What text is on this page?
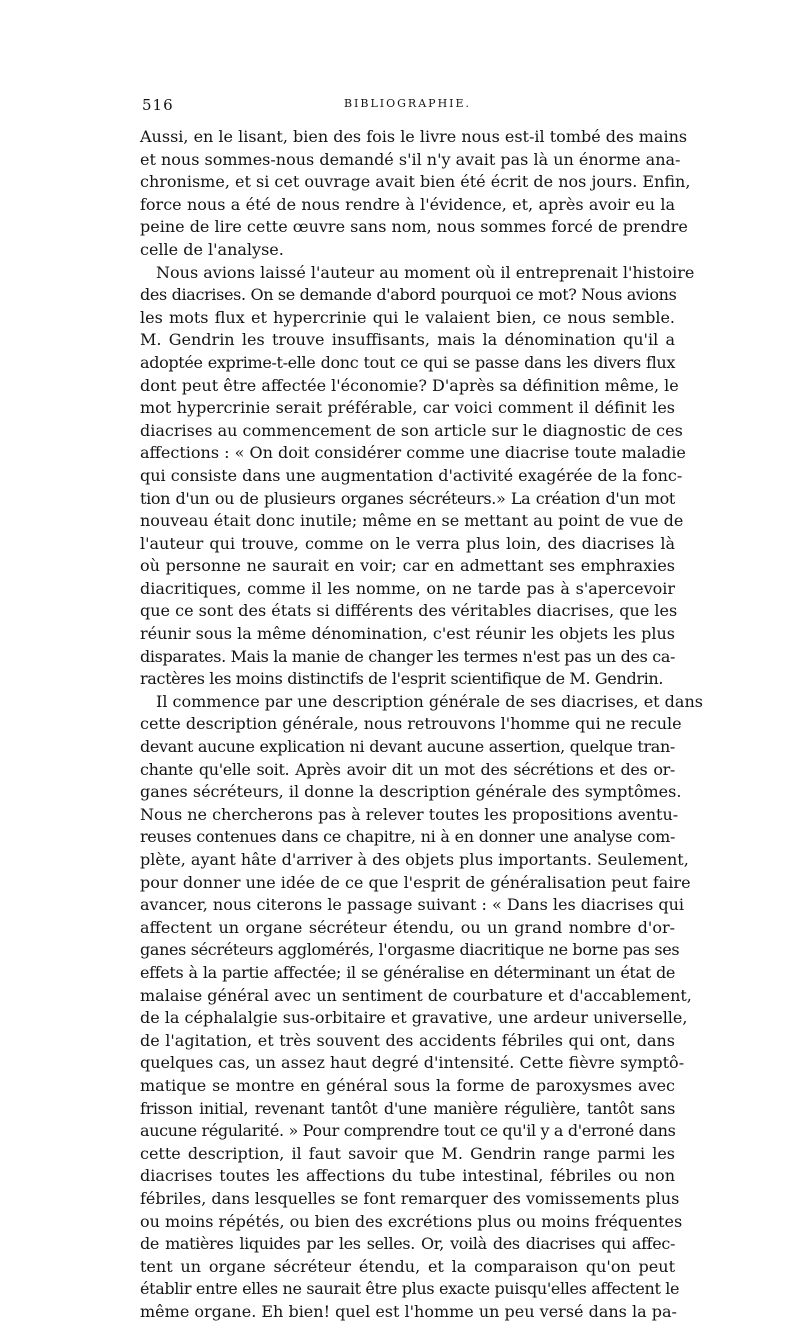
516	BIBLIOGRAPHIE.

Aussi, en le lisant, bien des fois le livre nous est-il tombé des mains
et nous sommes-nous demandé s'il n'y avait pas là un énorme ana-
chronisme, et si cet ouvrage avait bien été écrit de nos jours. Enfin,
force nous a été de nous rendre à l'évidence, et, après avoir eu la
peine de lire cette œuvre sans nom, nous sommes forcé de prendre
celle de l'analyse.

Nous avions laissé l'auteur au moment où il entreprenait l'histoire
des diacrises. On se demande d'abord pourquoi ce mot? Nous avions
les mots flux et hypercrinie qui le valaient bien, ce nous semble.
M. Gendrin les trouve insuffisants, mais la dénomination qu'il a
adoptée exprime-t-elle donc tout ce qui se passe dans les divers flux
dont peut être affectée l'économie? D'après sa définition même, le
mot hypercrinie serait préférable, car voici comment il définit les
diacrises au commencement de son article sur le diagnostic de ces
affections : « On doit considérer comme une diacrise toute maladie
qui consiste dans une augmentation d'activité exagérée de la fonc-
tion d'un ou de plusieurs organes sécréteurs.» La création d'un mot
nouveau était donc inutile; même en se mettant au point de vue de
l'auteur qui trouve, comme on le verra plus loin, des diacrises là
où personne ne saurait en voir; car en admettant ses emphraxies
diacritiques, comme il les nomme, on ne tarde pas à s'apercevoir
que ce sont des états si différents des véritables diacrises, que les
réunir sous la même dénomination, c'est réunir les objets les plus
disparates. Mais la manie de changer les termes n'est pas un des ca-
ractères les moins distinctifs de l'esprit scientifique de M. Gendrin.

Il commence par une description générale de ses diacrises, et dans
cette description générale, nous retrouvons l'homme qui ne recule
devant aucune explication ni devant aucune assertion, quelque tran-
chante qu'elle soit. Après avoir dit un mot des sécrétions et des or-
ganes sécréteurs, il donne la description générale des symptômes.
Nous ne chercherons pas à relever toutes les propositions aventu-
reuses contenues dans ce chapitre, ni à en donner une analyse com-
plète, ayant hâte d'arriver à des objets plus importants. Seulement,
pour donner une idée de ce que l'esprit de généralisation peut faire
avancer, nous citerons le passage suivant : « Dans les diacrises qui
affectent un organe sécréteur étendu, ou un grand nombre d'or-
ganes sécréteurs agglomérés, l'orgasme diacritique ne borne pas ses
effets à la partie affectée; il se généralise en déterminant un état de
malaise général avec un sentiment de courbature et d'accablement,
de la céphalalgie sus-orbitaire et gravative, une ardeur universelle,
de l'agitation, et très souvent des accidents fébriles qui ont, dans
quelques cas, un assez haut degré d'intensité. Cette fièvre symptô-
matique se montre en général sous la forme de paroxysmes avec
frisson initial, revenant tantôt d'une manière régulière, tantôt sans
aucune régularité. » Pour comprendre tout ce qu'il y a d'erroné dans
cette description, il faut savoir que M. Gendrin range parmi les
diacrises toutes les affections du tube intestinal, fébriles ou non
fébriles, dans lesquelles se font remarquer des vomissements plus
ou moins répétés, ou bien des excrétions plus ou moins fréquentes
de matières liquides par les selles. Or, voilà des diacrises qui affec-
tent un organe sécréteur étendu, et la comparaison qu'on peut
établir entre elles ne saurait être plus exacte puisqu'elles affectent le
même organe. Eh bien! quel est l'homme un peu versé dans la pa-
